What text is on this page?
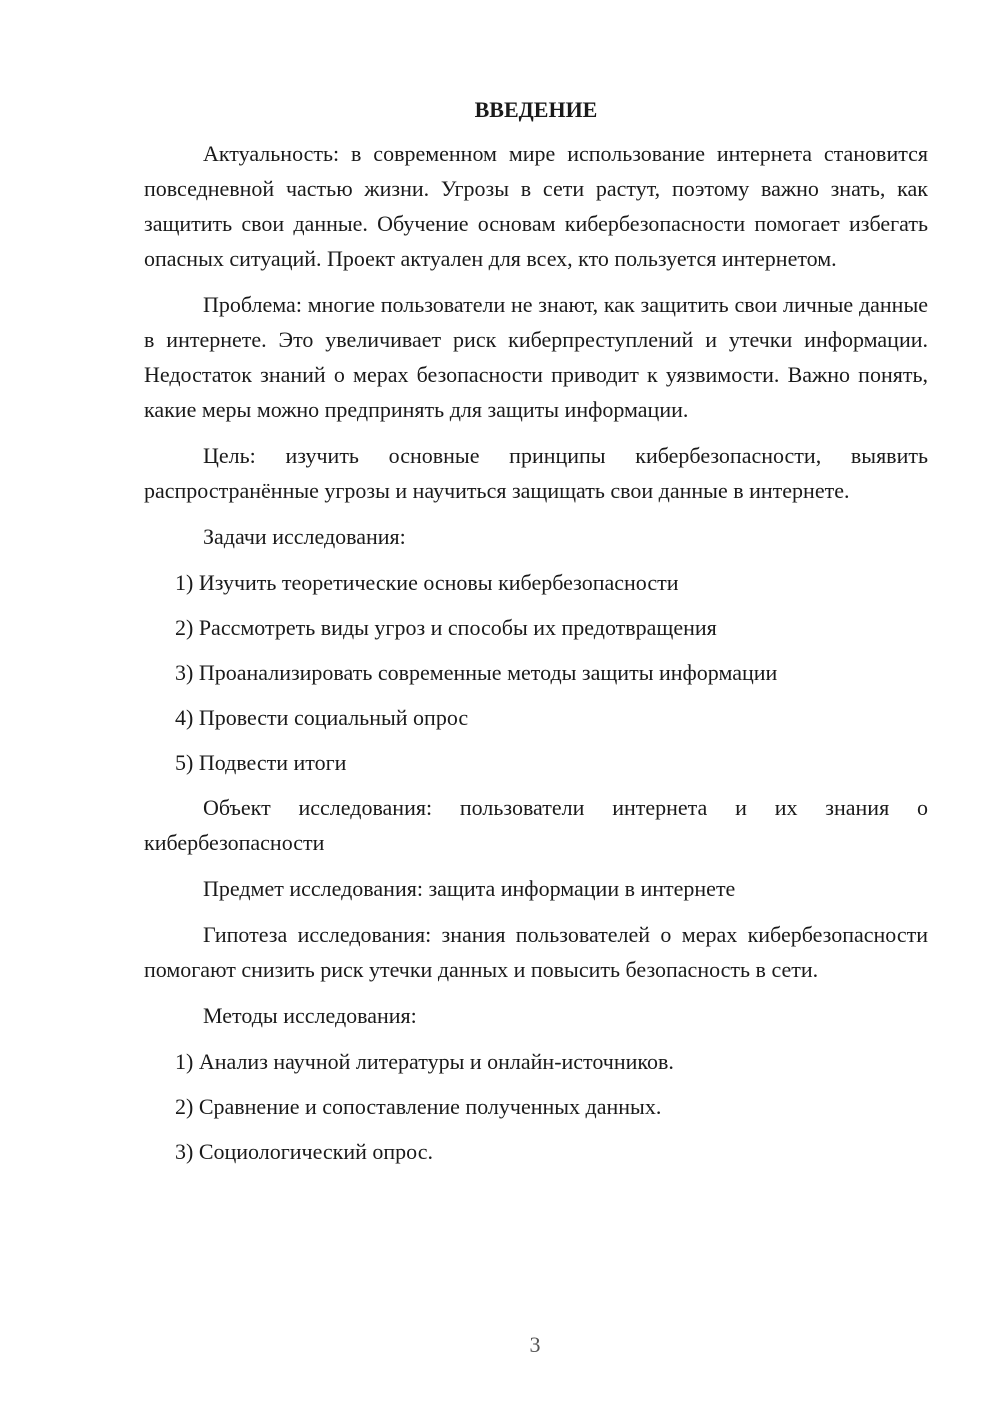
ВВЕДЕНИЕ

Актуальность: в современном мире использование интернета становится повседневной частью жизни. Угрозы в сети растут, поэтому важно знать, как защитить свои данные. Обучение основам кибербезопасности помогает избегать опасных ситуаций. Проект актуален для всех, кто пользуется интернетом.

Проблема: многие пользователи не знают, как защитить свои личные данные в интернете. Это увеличивает риск киберпреступлений и утечки информации. Недостаток знаний о мерах безопасности приводит к уязвимости. Важно понять, какие меры можно предпринять для защиты информации.

Цель: изучить основные принципы кибербезопасности, выявить распространённые угрозы и научиться защищать свои данные в интернете.

Задачи исследования:

1) Изучить теоретические основы кибербезопасности
2) Рассмотреть виды угроз и способы их предотвращения
3) Проанализировать современные методы защиты информации
4) Провести социальный опрос
5) Подвести итоги

Объект исследования: пользователи интернета и их знания о кибербезопасности

Предмет исследования: защита информации в интернете

Гипотеза исследования: знания пользователей о мерах кибербезопасности помогают снизить риск утечки данных и повысить безопасность в сети.

Методы исследования:

1) Анализ научной литературы и онлайн-источников.
2) Сравнение и сопоставление полученных данных.
3) Социологический опрос.
3
